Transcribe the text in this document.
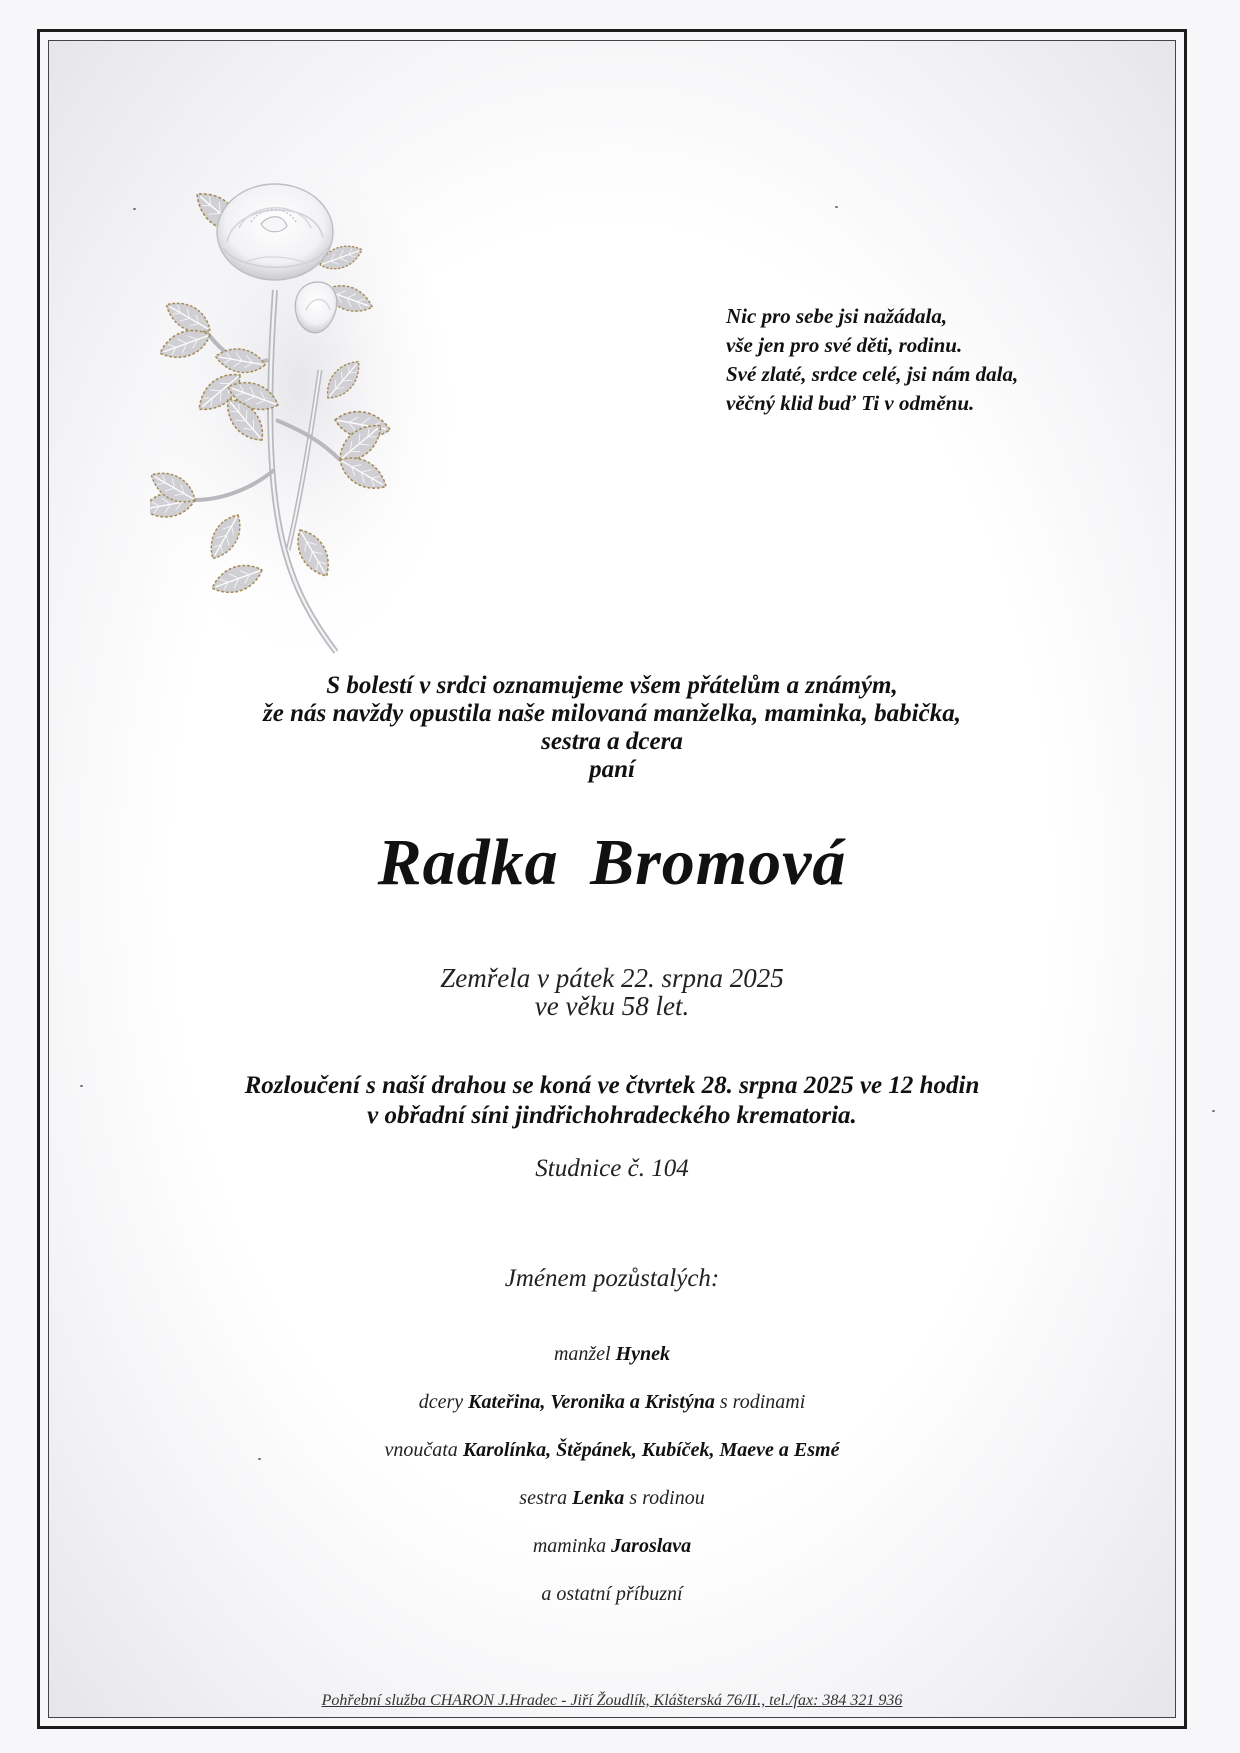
Nic pro sebe jsi nažádala,
vše jen pro své děti, rodinu.
Své zlaté, srdce celé, jsi nám dala,
věčný klid buď Ti v odměnu.
S bolestí v srdci oznamujeme všem přátelům a známým,
že nás navždy opustila naše milovaná manželka, maminka, babička,
sestra a dcera
paní
Radka Bromová
Zemřela v pátek 22. srpna 2025
ve věku 58 let.
Rozloučení s naší drahou se koná ve čtvrtek 28. srpna 2025 ve 12 hodin
v obřadní síni jindřichohradeckého krematoria.
Studnice č. 104
Jménem pozůstalých:
manžel Hynek
dcery Kateřina, Veronika a Kristýna s rodinami
vnoučata Karolínka, Štěpánek, Kubíček, Maeve a Esmé
sestra Lenka s rodinou
maminka Jaroslava
a ostatní příbuzní
Pohřební služba CHARON J.Hradec - Jiří Žoudlík, Klášterská 76/II., tel./fax: 384 321 936
